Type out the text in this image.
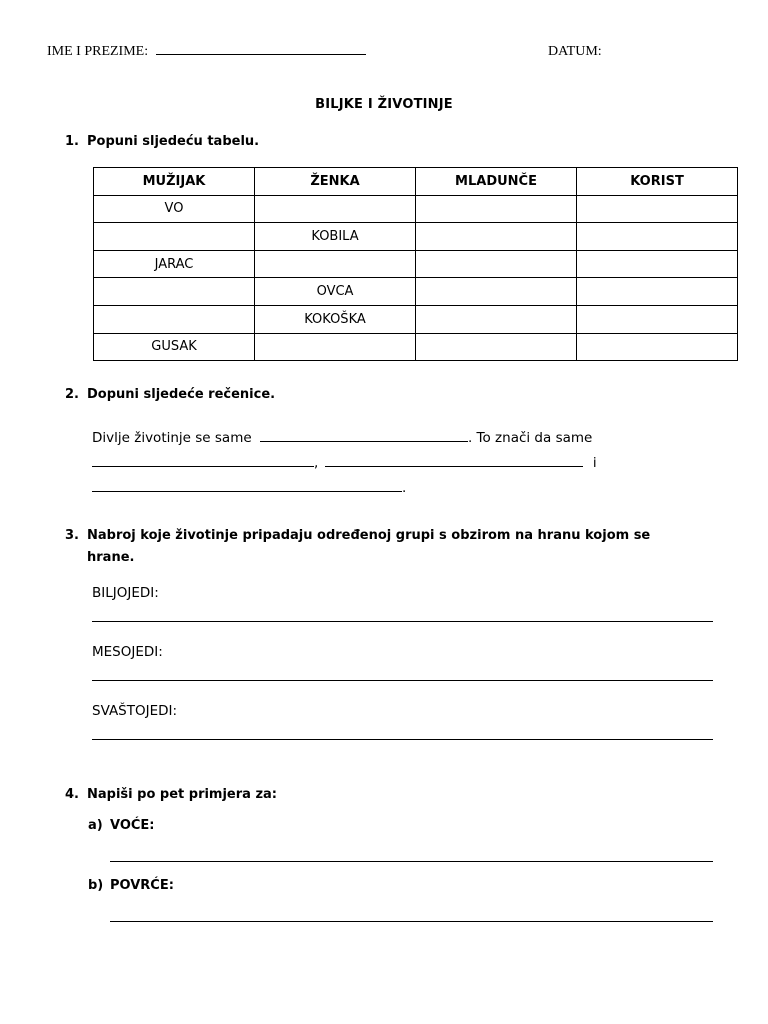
IME I PREZIME:	DATUM:
BILJKE I ŽIVOTINJE
1. Popuni sljedeću tabelu.
MUŽIJAK	ŽENKA	MLADUNČE	KORIST
VO			
	KOBILA		
JARAC			
	OVCA		
	KOKOŠKA		
GUSAK			
2. Dopuni sljedeće rečenice.
Divlje životinje se same	. To znači da same
,	i
.
3. Nabroj koje životinje pripadaju određenoj grupi s obzirom na hranu kojom se
hrane.
BILJOJEDI:
MESOJEDI:
SVAŠTOJEDI:
4. Napiši po pet primjera za:
a) VOĆE:
b) POVRĆE:
